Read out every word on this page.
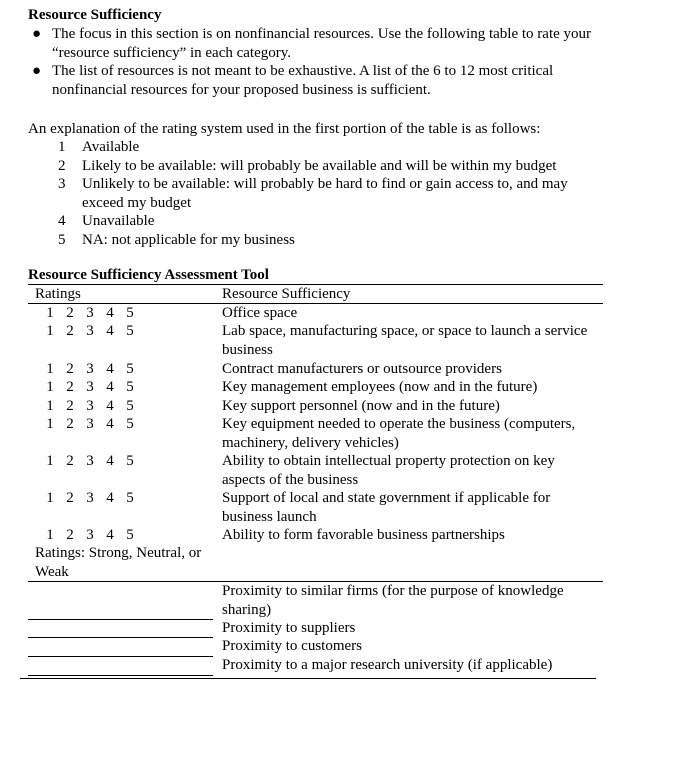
Resource Sufficiency
● The focus in this section is on nonfinancial resources. Use the following table to rate your “resource sufficiency” in each category.
● The list of resources is not meant to be exhaustive. A list of the 6 to 12 most critical nonfinancial resources for your proposed business is sufficient.
An explanation of the rating system used in the first portion of the table is as follows:
1	Available
2	Likely to be available: will probably be available and will be within my budget
3	Unlikely to be available: will probably be hard to find or gain access to, and may exceed my budget
4	Unavailable
5	NA: not applicable for my business
Resource Sufficiency Assessment Tool
Ratings	Resource Sufficiency
1 2 3 4 5	Office space
1 2 3 4 5	Lab space, manufacturing space, or space to launch a service business
1 2 3 4 5	Contract manufacturers or outsource providers
1 2 3 4 5	Key management employees (now and in the future)
1 2 3 4 5	Key support personnel (now and in the future)
1 2 3 4 5	Key equipment needed to operate the business (computers, machinery, delivery vehicles)
1 2 3 4 5	Ability to obtain intellectual property protection on key aspects of the business
1 2 3 4 5	Support of local and state government if applicable for business launch
1 2 3 4 5	Ability to form favorable business partnerships
Ratings: Strong, Neutral, or Weak
Proximity to similar firms (for the purpose of knowledge sharing)
Proximity to suppliers
Proximity to customers
Proximity to a major research university (if applicable)
